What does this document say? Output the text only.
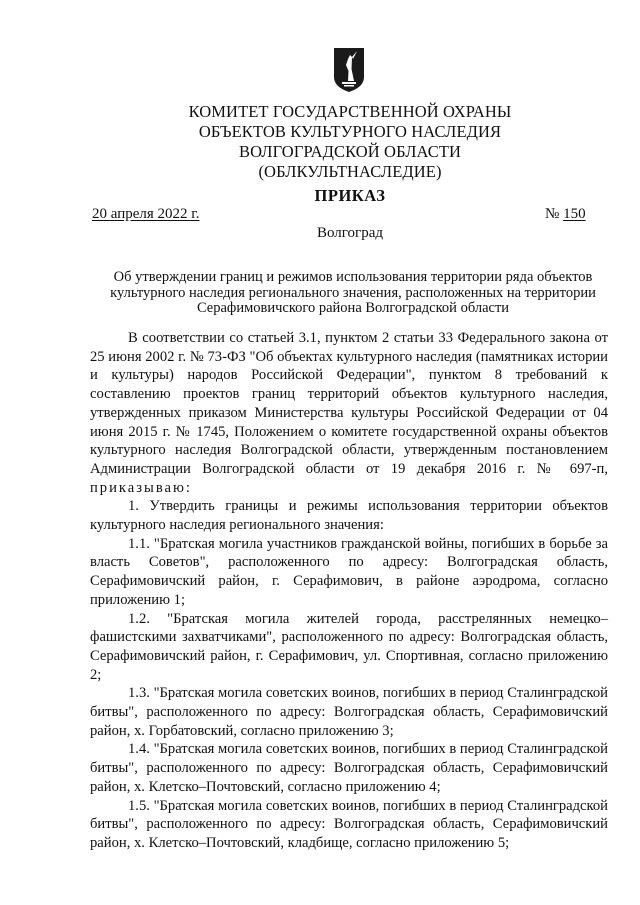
КОМИТЕТ ГОСУДАРСТВЕННОЙ ОХРАНЫ
ОБЪЕКТОВ КУЛЬТУРНОГО НАСЛЕДИЯ
ВОЛГОГРАДСКОЙ ОБЛАСТИ
(ОБЛКУЛЬТНАСЛЕДИЕ)
ПРИКАЗ
20 апреля 2022 г.	№ 150
Волгоград
Об утверждении границ и режимов использования территории ряда объектов
культурного наследия регионального значения, расположенных на территории
Серафимовичского района Волгоградской области

В соответствии со статьей 3.1, пунктом 2 статьи 33 Федерального закона от 25 июня 2002 г. № 73-ФЗ "Об объектах культурного наследия (памятниках истории и культуры) народов Российской Федерации", пунктом 8 требований к составлению проектов границ территорий объектов культурного наследия, утвержденных приказом Министерства культуры Российской Федерации от 04 июня 2015 г. № 1745, Положением о комитете государственной охраны объектов культурного наследия Волгоградской области, утвержденным постановлением Администрации Волгоградской области от 19 декабря 2016 г. № 697-п, приказываю:

1. Утвердить границы и режимы использования территории объектов культурного наследия регионального значения:

1.1. "Братская могила участников гражданской войны, погибших в борьбе за власть Советов", расположенного по адресу: Волгоградская область, Серафимовичский район, г. Серафимович, в районе аэродрома, согласно приложению 1;

1.2. "Братская могила жителей города, расстрелянных немецко–фашистскими захватчиками", расположенного по адресу: Волгоградская область, Серафимовичский район, г. Серафимович, ул. Спортивная, согласно приложению 2;

1.3. "Братская могила советских воинов, погибших в период Сталинградской битвы", расположенного по адресу: Волгоградская область, Серафимовичский район, х. Горбатовский, согласно приложению 3;

1.4. "Братская могила советских воинов, погибших в период Сталинградской битвы", расположенного по адресу: Волгоградская область, Серафимовичский район, х. Клетско–Почтовский, согласно приложению 4;

1.5. "Братская могила советских воинов, погибших в период Сталинградской битвы", расположенного по адресу: Волгоградская область, Серафимовичский район, х. Клетско–Почтовский, кладбище, согласно приложению 5;
